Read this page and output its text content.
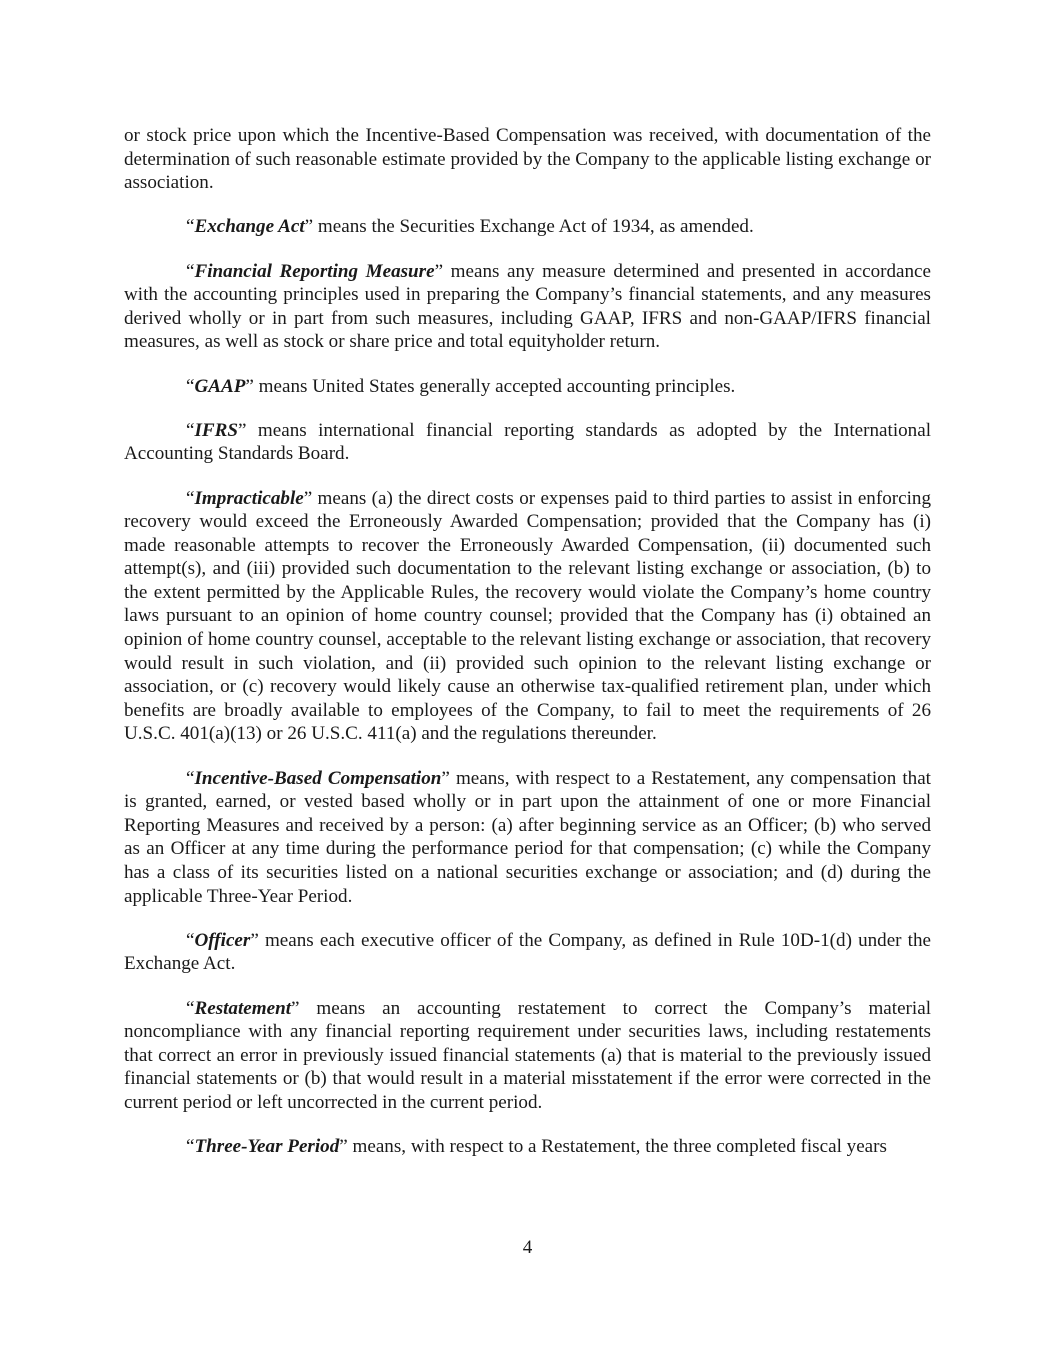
or stock price upon which the Incentive-Based Compensation was received, with documentation of the determination of such reasonable estimate provided by the Company to the applicable listing exchange or association.

“Exchange Act” means the Securities Exchange Act of 1934, as amended.

“Financial Reporting Measure” means any measure determined and presented in accordance with the accounting principles used in preparing the Company’s financial statements, and any measures derived wholly or in part from such measures, including GAAP, IFRS and non-GAAP/IFRS financial measures, as well as stock or share price and total equityholder return.

“GAAP” means United States generally accepted accounting principles.

“IFRS” means international financial reporting standards as adopted by the International Accounting Standards Board.

“Impracticable” means (a) the direct costs or expenses paid to third parties to assist in enforcing recovery would exceed the Erroneously Awarded Compensation; provided that the Company has (i) made reasonable attempts to recover the Erroneously Awarded Compensation, (ii) documented such attempt(s), and (iii) provided such documentation to the relevant listing exchange or association, (b) to the extent permitted by the Applicable Rules, the recovery would violate the Company’s home country laws pursuant to an opinion of home country counsel; provided that the Company has (i) obtained an opinion of home country counsel, acceptable to the relevant listing exchange or association, that recovery would result in such violation, and (ii) provided such opinion to the relevant listing exchange or association, or (c) recovery would likely cause an otherwise tax-qualified retirement plan, under which benefits are broadly available to employees of the Company, to fail to meet the requirements of 26 U.S.C. 401(a)(13) or 26 U.S.C. 411(a) and the regulations thereunder.

“Incentive-Based Compensation” means, with respect to a Restatement, any compensation that is granted, earned, or vested based wholly or in part upon the attainment of one or more Financial Reporting Measures and received by a person: (a) after beginning service as an Officer; (b) who served as an Officer at any time during the performance period for that compensation; (c) while the Company has a class of its securities listed on a national securities exchange or association; and (d) during the applicable Three-Year Period.

“Officer” means each executive officer of the Company, as defined in Rule 10D-1(d) under the Exchange Act.

“Restatement” means an accounting restatement to correct the Company’s material noncompliance with any financial reporting requirement under securities laws, including restatements that correct an error in previously issued financial statements (a) that is material to the previously issued financial statements or (b) that would result in a material misstatement if the error were corrected in the current period or left uncorrected in the current period.

“Three-Year Period” means, with respect to a Restatement, the three completed fiscal years

4
